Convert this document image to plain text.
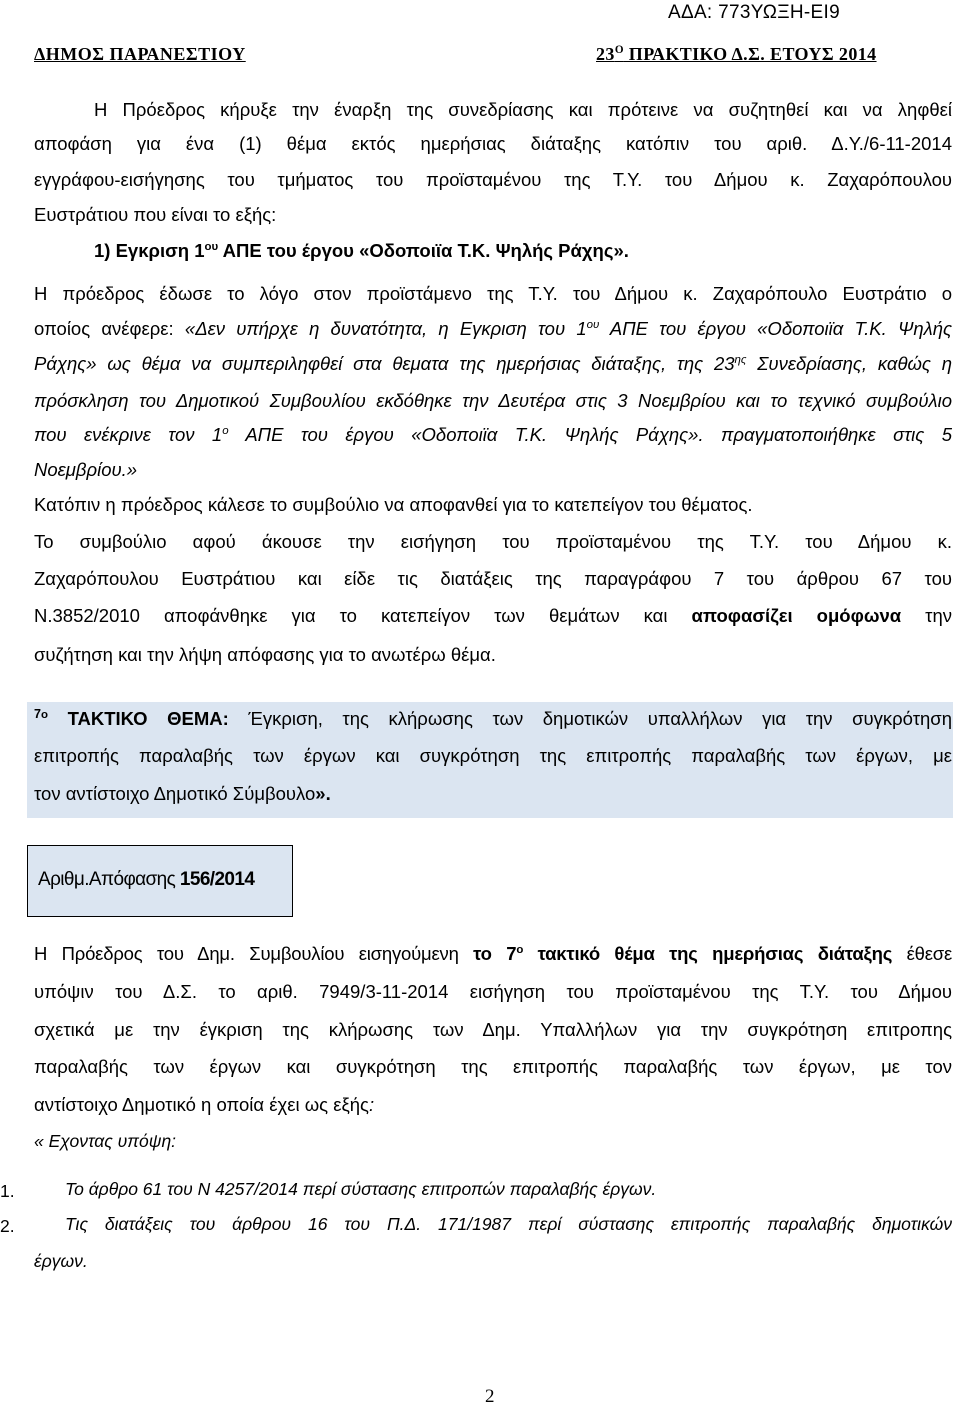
ΑΔΑ: 773ΥΩΞΗ-ΕΙ9
ΔΗΜΟΣ ΠΑΡΑΝΕΣΤΙΟΥ	$23^O$ ΠΡΑΚΤΙΚΟ Δ.Σ. ΕΤΟΥΣ 2014
Η Πρόεδρος κήρυξε την έναρξη της συνεδρίασης και πρότεινε να συζητηθεί και να ληφθεί
αποφάση για ένα (1) θέμα εκτός ημερήσιας διάταξης κατόπιν του αριθ. Δ.Υ./6-11-2014
εγγράφου-εισήγησης του τμήματος του προϊσταμένου της Τ.Υ. του Δήμου κ. Ζαχαρόπουλου
Ευστράτιου που είναι το εξής:
1) Εγκριση $1^{o\upsilon}$ ΑΠΕ του έργου «Οδοποιϊα Τ.Κ. Ψηλής Ράχης».
Η πρόεδρος έδωσε το λόγο στον προϊστάμενο της Τ.Υ. του Δήμου κ. Ζαχαρόπουλο Ευστράτιο ο
οποίος ανέφερε: «Δεν υπήρχε η δυνατότητα, η Εγκριση του $1^{o\upsilon}$ ΑΠΕ του έργου «Οδοποιϊα Τ.Κ. Ψηλής
Ράχης» ως θέμα να συμπεριληφθεί στα θεματα της ημερήσιας διάταξης, της $23^{\eta\varsigma}$ Συνεδρίασης, καθώς η
πρόσκληση του Δημοτικού Συμβουλίου εκδόθηκε την Δευτέρα στις 3 Νοεμβρίου και το τεχνικό συμβούλιο
που ενέκρινε τον $1^o$ ΑΠΕ του έργου «Οδοποιϊα Τ.Κ. Ψηλής Ράχης». πραγματοποιήθηκε στις 5
Νοεμβρίου.»
Κατόπιν η πρόεδρος κάλεσε το συμβούλιο να αποφανθεί για το κατεπείγον του θέματος.
Το συμβούλιο αφού άκουσε την εισήγηση του προϊσταμένου της Τ.Υ. του Δήμου κ.
Ζαχαρόπουλου Ευστράτιου και είδε τις διατάξεις της παραγράφου 7 του άρθρου 67 του
Ν.3852/2010 αποφάνθηκε για το κατεπείγον των θεμάτων και αποφασίζει ομόφωνα την
συζήτηση και την λήψη απόφασης για το ανωτέρω θέμα.
$^{7o}$ ΤΑΚΤΙΚΟ ΘΕΜΑ: Έγκριση, της κλήρωσης των δημοτικών υπαλλήλων για την συγκρότηση
επιτροπής παραλαβής των έργων και συγκρότηση της επιτροπής παραλαβής των έργων, με
τον αντίστοιχο Δημοτικό Σύμβουλο».
Αριθμ.Απόφασης 156/2014
Η Πρόεδρος του Δημ. Συμβουλίου εισηγούμενη το $7^o$ τακτικό θέμα της ημερήσιας διάταξης έθεσε
υπόψιν του Δ.Σ. το αριθ. 7949/3-11-2014 εισήγηση του προϊσταμένου της Τ.Υ. του Δήμου
σχετικά με την έγκριση της κλήρωσης των Δημ. Υπαλλήλων για την συγκρότηση επιτροπης
παραλαβής των έργων και συγκρότηση της επιτροπής παραλαβής των έργων, με τον
αντίστοιχο Δημοτικό η οποία έχει ως εξής:
« Εχοντας υπόψη:
1.	Το άρθρο 61 του Ν 4257/2014 περί σύστασης επιτροπών παραλαβής έργων.
2.	Τις διατάξεις του άρθρου 16 του Π.Δ. 171/1987 περί σύστασης επιτροπής παραλαβής δημοτικών
έργων.
2
